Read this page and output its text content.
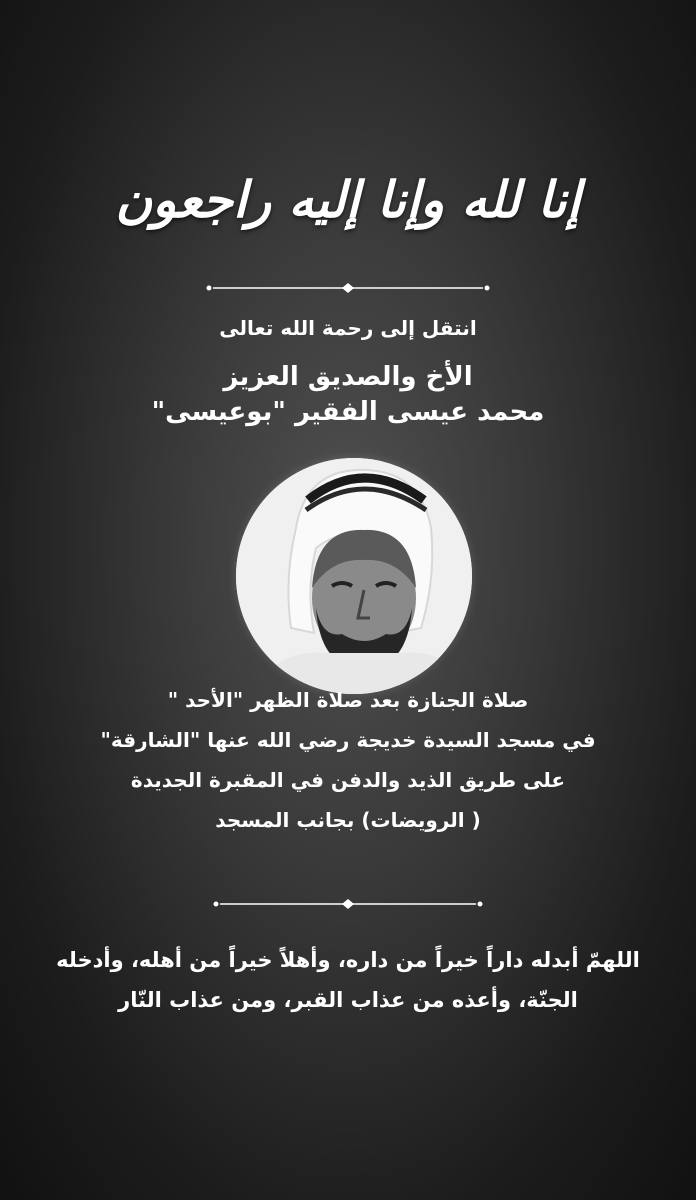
إنا لله وإنا إليه راجعون
انتقل إلى رحمة الله تعالى
الأخ والصديق العزيز
محمد عيسى الفقير "بوعيسى"
صلاة الجنازة بعد صلاة الظهر "الأحد "
في مسجد السيدة خديجة رضي الله عنها "الشارقة"
على طريق الذيد والدفن في المقبرة الجديدة
( الرويضات) بجانب المسجد
اللهمّ أبدله داراً خيراً من داره، وأهلاً خيراً من أهله، وأدخله
الجنّة، وأعذه من عذاب القبر، ومن عذاب النّار
